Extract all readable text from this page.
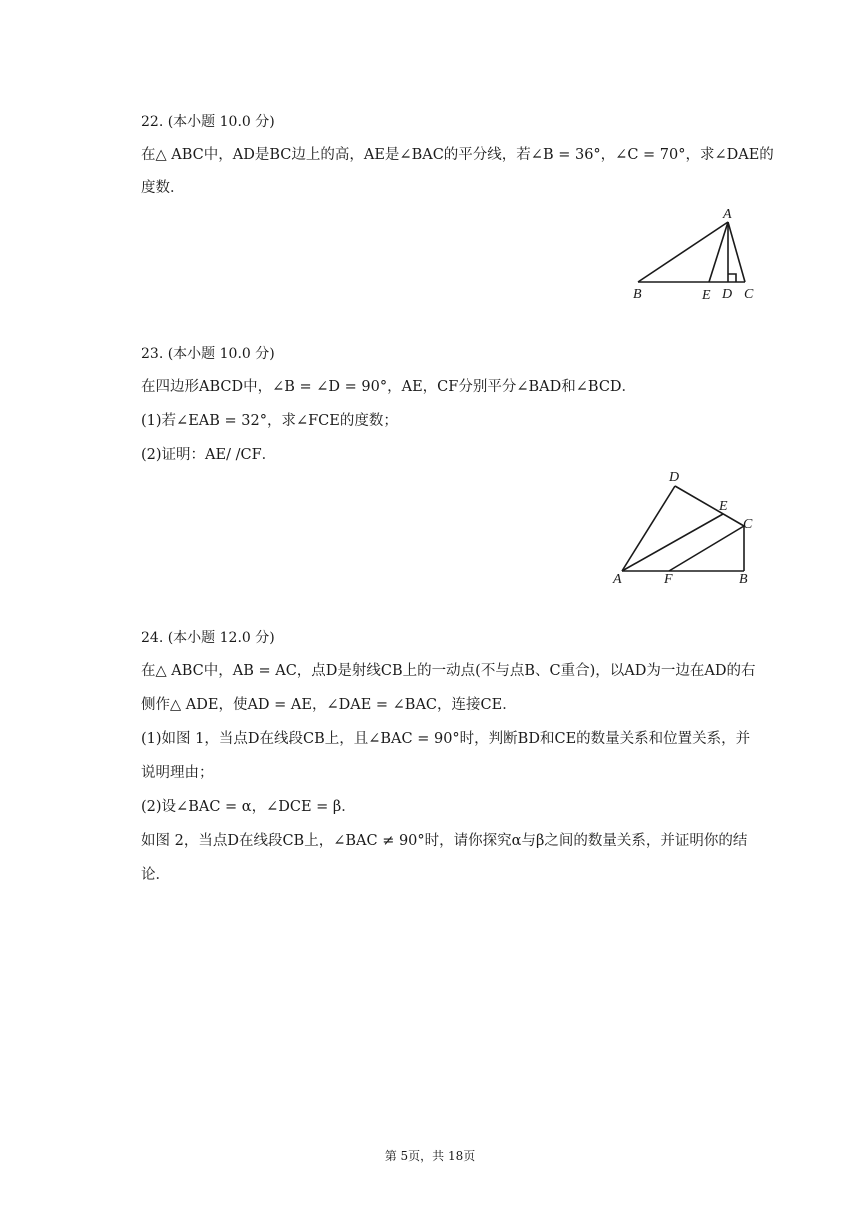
22. (本小题 10.0 分)
在△ ABC中，AD是BC边上的高，AE是∠BAC的平分线，若∠B = 36°，∠C = 70°，求∠DAE的
度数．
A
B	E D C
23. (本小题 10.0 分)
在四边形ABCD中，∠B = ∠D = 90°，AE，CF分别平分∠BAD和∠BCD．
(1)若∠EAB = 32°，求∠FCE的度数；
(2)证明：AE/ /CF．
D
E
C
A	F	B
24. (本小题 12.0 分)
在△ ABC中，AB = AC，点D是射线CB上的一动点(不与点B、C重合)，以AD为一边在AD的右
侧作△ ADE，使AD = AE，∠DAE = ∠BAC，连接CE．
(1)如图 1，当点D在线段CB上，且∠BAC = 90°时，判断BD和CE的数量关系和位置关系，并
说明理由；
(2)设∠BAC = α，∠DCE = β．
如图 2，当点D在线段CB上，∠BAC ≠ 90°时，请你探究α与β之间的数量关系，并证明你的结
论．
第 5页，共 18页
